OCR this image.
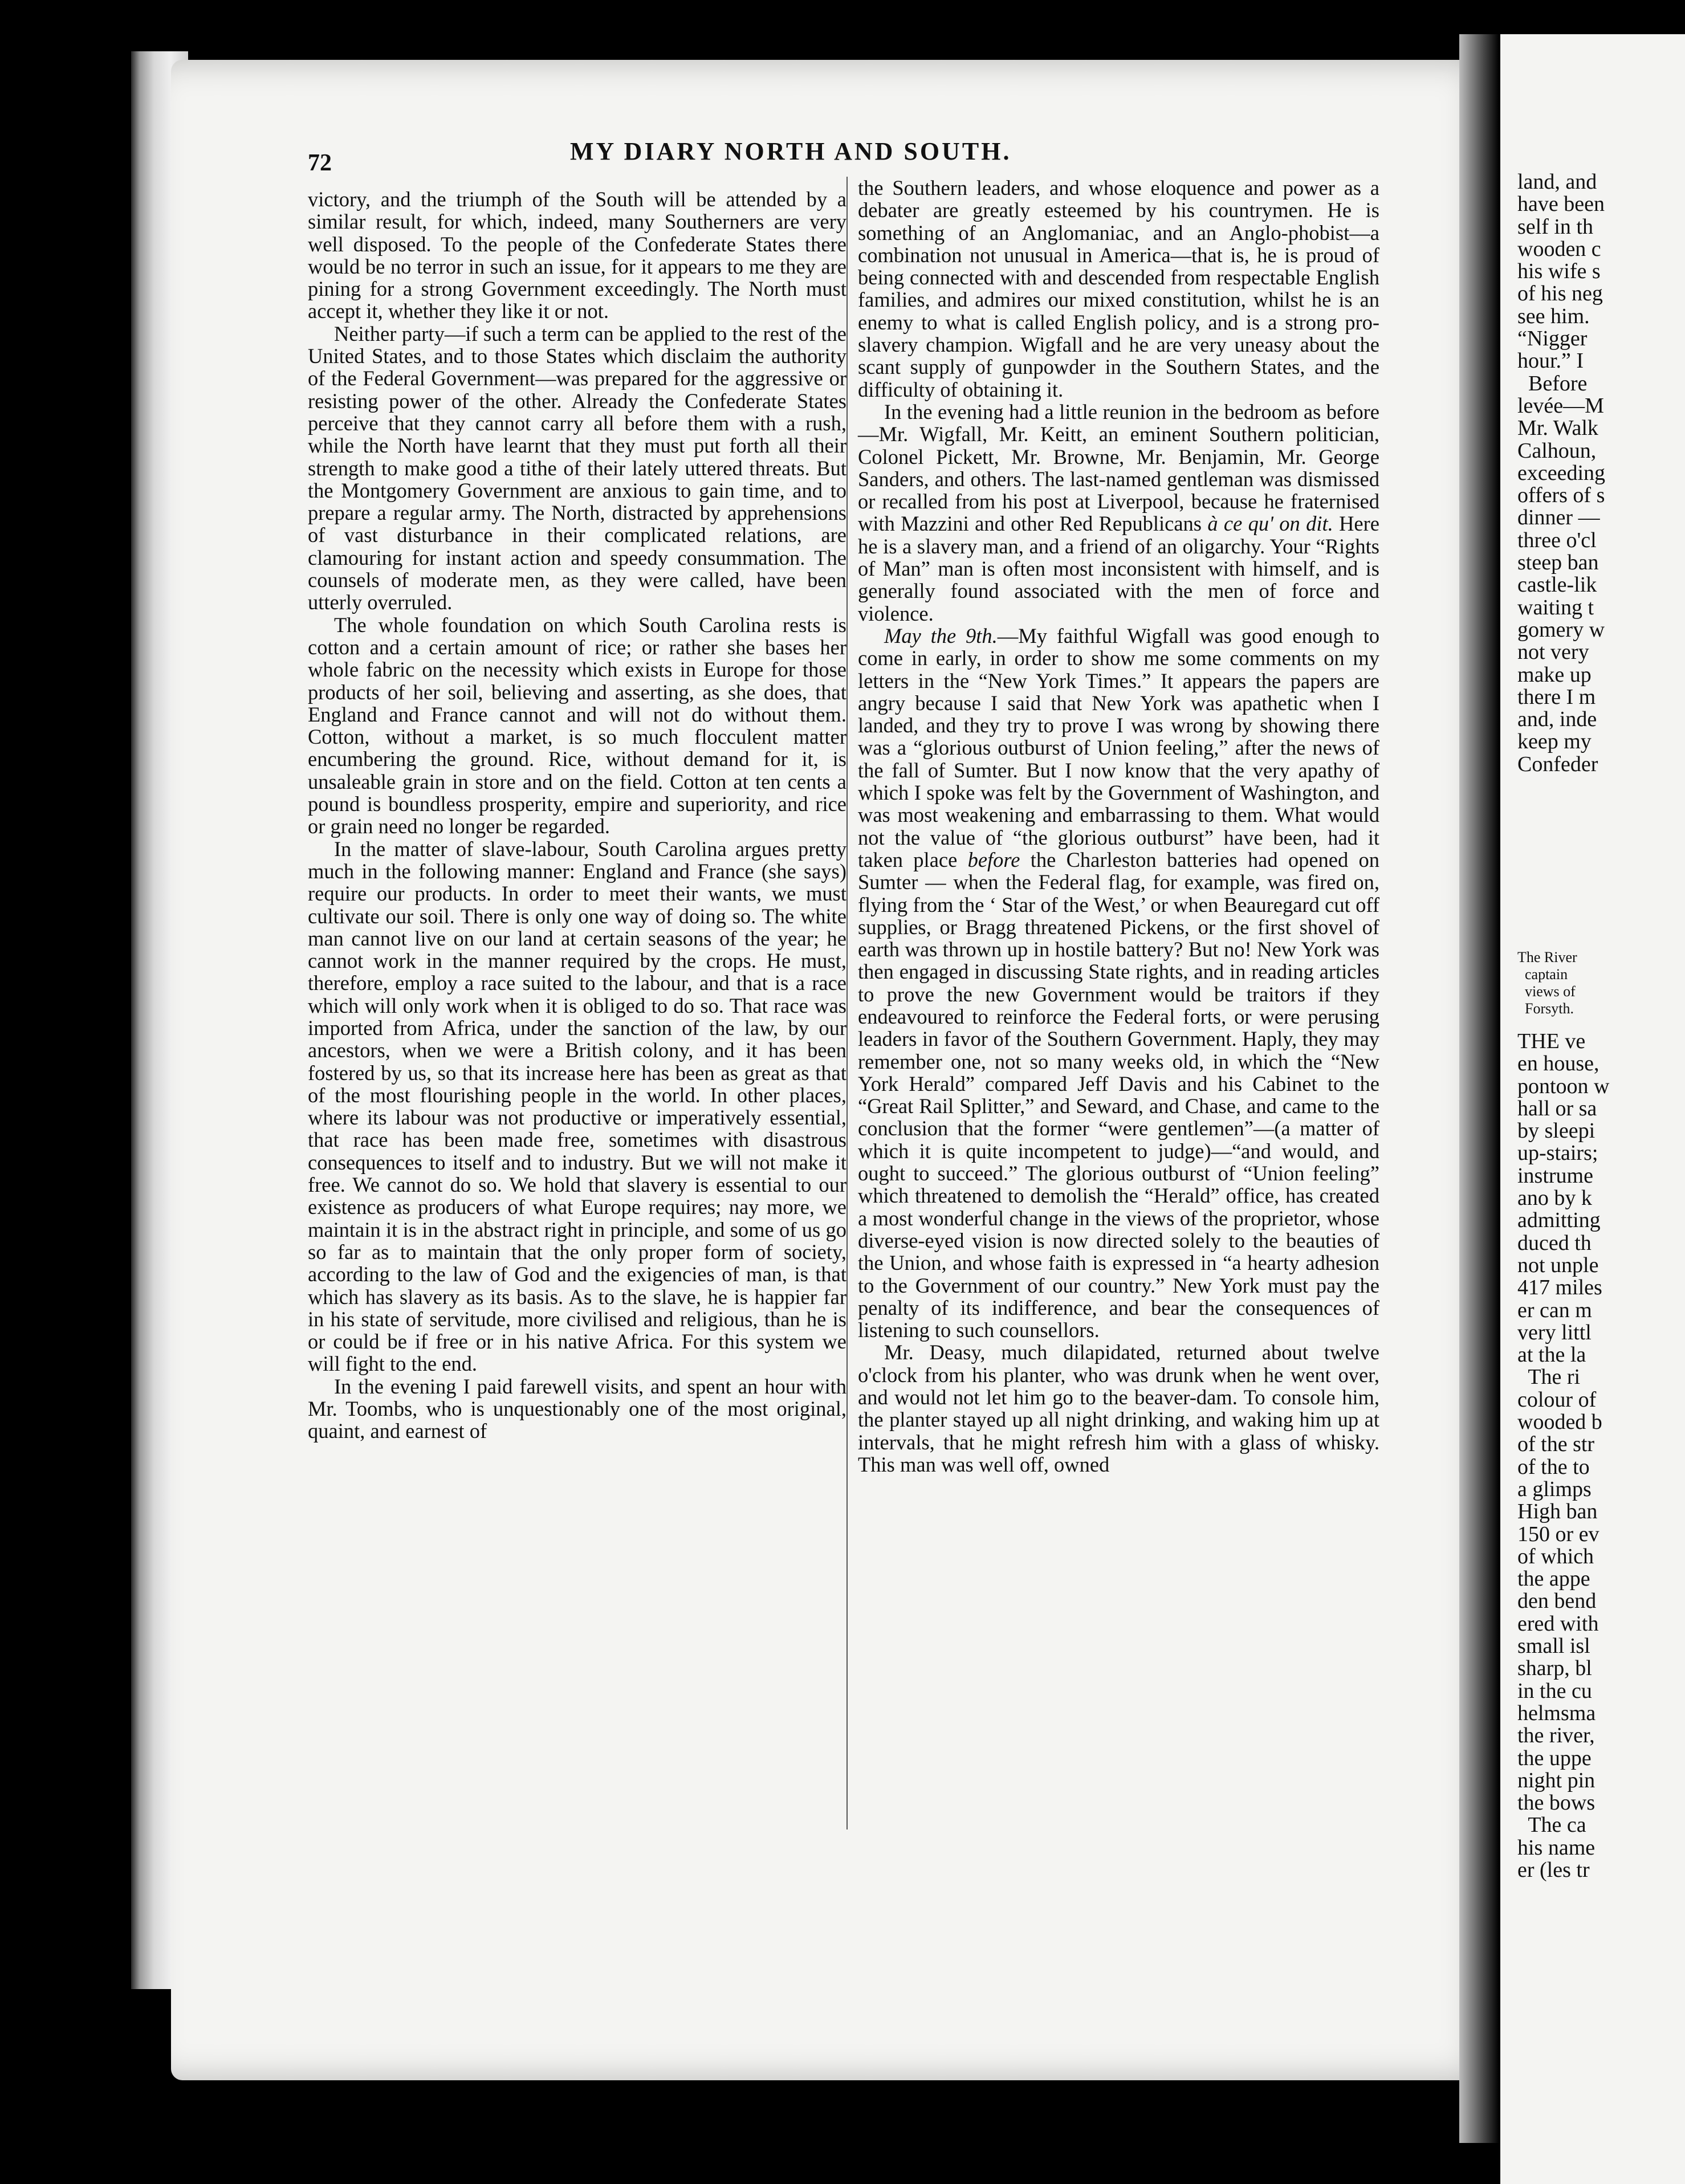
72	MY DIARY NORTH AND SOUTH.

victory, and the triumph of the South will be attended by a similar result, for which, indeed, many Southerners are very well disposed. To the people of the Confederate States there would be no terror in such an issue, for it appears to me they are pining for a strong Government exceedingly. The North must accept it, whether they like it or not.

Neither party—if such a term can be applied to the rest of the United States, and to those States which disclaim the authority of the Federal Government—was prepared for the aggressive or resisting power of the other. Already the Confederate States perceive that they cannot carry all before them with a rush, while the North have learnt that they must put forth all their strength to make good a tithe of their lately uttered threats. But the Montgomery Government are anxious to gain time, and to prepare a regular army. The North, distracted by apprehensions of vast disturbance in their complicated relations, are clamouring for instant action and speedy consummation. The counsels of moderate men, as they were called, have been utterly overruled.

The whole foundation on which South Carolina rests is cotton and a certain amount of rice; or rather she bases her whole fabric on the necessity which exists in Europe for those products of her soil, believing and asserting, as she does, that England and France cannot and will not do without them. Cotton, without a market, is so much flocculent matter encumbering the ground. Rice, without demand for it, is unsaleable grain in store and on the field. Cotton at ten cents a pound is boundless prosperity, empire and superiority, and rice or grain need no longer be regarded.

In the matter of slave-labour, South Carolina argues pretty much in the following manner: England and France (she says) require our products. In order to meet their wants, we must cultivate our soil. There is only one way of doing so. The white man cannot live on our land at certain seasons of the year; he cannot work in the manner required by the crops. He must, therefore, employ a race suited to the labour, and that is a race which will only work when it is obliged to do so. That race was imported from Africa, under the sanction of the law, by our ancestors, when we were a British colony, and it has been fostered by us, so that its increase here has been as great as that of the most flourishing people in the world. In other places, where its labour was not productive or imperatively essential, that race has been made free, sometimes with disastrous consequences to itself and to industry. But we will not make it free. We cannot do so. We hold that slavery is essential to our existence as producers of what Europe requires; nay more, we maintain it is in the abstract right in principle, and some of us go so far as to maintain that the only proper form of society, according to the law of God and the exigencies of man, is that which has slavery as its basis. As to the slave, he is happier far in his state of servitude, more civilised and religious, than he is or could be if free or in his native Africa. For this system we will fight to the end.

In the evening I paid farewell visits, and spent an hour with Mr. Toombs, who is unquestionably one of the most original, quaint, and earnest of

the Southern leaders, and whose eloquence and power as a debater are greatly esteemed by his countrymen. He is something of an Anglomaniac, and an Anglo-phobist—a combination not unusual in America—that is, he is proud of being connected with and descended from respectable English families, and admires our mixed constitution, whilst he is an enemy to what is called English policy, and is a strong pro-slavery champion. Wigfall and he are very uneasy about the scant supply of gunpowder in the Southern States, and the difficulty of obtaining it.

In the evening had a little reunion in the bedroom as before—Mr. Wigfall, Mr. Keitt, an eminent Southern politician, Colonel Pickett, Mr. Browne, Mr. Benjamin, Mr. George Sanders, and others. The last-named gentleman was dismissed or recalled from his post at Liverpool, because he fraternised with Mazzini and other Red Republicans à ce qu' on dit. Here he is a slavery man, and a friend of an oligarchy. Your “Rights of Man” man is often most inconsistent with himself, and is generally found associated with the men of force and violence.

May the 9th.—My faithful Wigfall was good enough to come in early, in order to show me some comments on my letters in the “New York Times.” It appears the papers are angry because I said that New York was apathetic when I landed, and they try to prove I was wrong by showing there was a “glorious outburst of Union feeling,” after the news of the fall of Sumter. But I now know that the very apathy of which I spoke was felt by the Government of Washington, and was most weakening and embarrassing to them. What would not the value of “the glorious outburst” have been, had it taken place before the Charleston batteries had opened on Sumter — when the Federal flag, for example, was fired on, flying from the ‘ Star of the West,’ or when Beauregard cut off supplies, or Bragg threatened Pickens, or the first shovel of earth was thrown up in hostile battery? But no! New York was then engaged in discussing State rights, and in reading articles to prove the new Government would be traitors if they endeavoured to reinforce the Federal forts, or were perusing leaders in favor of the Southern Government. Haply, they may remember one, not so many weeks old, in which the “New York Herald” compared Jeff Davis and his Cabinet to the “Great Rail Splitter,” and Seward, and Chase, and came to the conclusion that the former “were gentlemen”—(a matter of which it is quite incompetent to judge)—“and would, and ought to succeed.” The glorious outburst of “Union feeling” which threatened to demolish the “Herald” office, has created a most wonderful change in the views of the proprietor, whose diverse-eyed vision is now directed solely to the beauties of the Union, and whose faith is expressed in “a hearty adhesion to the Government of our country.” New York must pay the penalty of its indifference, and bear the consequences of listening to such counsellors.

Mr. Deasy, much dilapidated, returned about twelve o'clock from his planter, who was drunk when he went over, and would not let him go to the beaver-dam. To console him, the planter stayed up all night drinking, and waking him up at intervals, that he might refresh him with a glass of whisky. This man was well off, owned

land, and
have been
self in th
wooden c
his wife s
of his neg
see him.
“Nigger
hour.” I
Before
levée—M
Mr. Walk
Calhoun,
exceeding
offers of s
dinner —
three o'cl
steep ban
castle-lik
waiting t
gomery w
not very
make up
there I m
and, inde
keep my
Confeder
The River
captain
views of
Forsyth.
THE ve
en house,
pontoon w
hall or sa
by sleepi
up-stairs;
instrume
ano by k
admitting
duced th
not unple
417 miles
er can m
very littl
at the la
The ri
colour of
wooded b
of the str
of the to
a glimps
High ban
150 or ev
of which
the appe
den bend
ered with
small isl
sharp, bl
in the cu
helmsma
the river,
the uppe
night pin
the bows
The ca
his name
er (les tr
